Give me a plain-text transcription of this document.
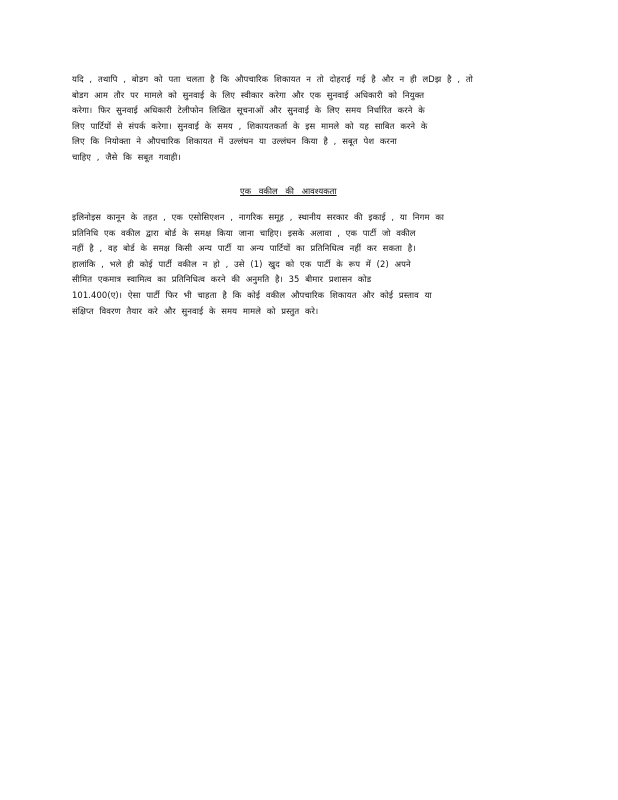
यदि , तथापि , बोडग को पता चलता है कि औपचारिक शिकायत न तो दोहराई गई है और न ही लDझ है , तो
बोडग आम तौर पर मामले को सुनवाई के लिए स्वीकार करेगा और एक सुनवाई अधिकारी को नियुक्त
करेगा। फिर सुनवाई अधिकारी टेलीफोन लिखित सूचनाओं और सुनवाई के लिए समय निर्धारित करने के
लिए पार्टियों से संपर्क करेगा। सुनवाई के समय , शिकायतकर्ता के इस मामले को यह साबित करने के
लिए कि नियोक्ता ने औपचारिक शिकायत में उल्लंघन या उल्लंघन किया है , सबूत पेश करना
चाहिए , जैसे कि सबूत गवाही।
एक वकील की आवश्यकता
इलिनोइस कानून के तहत , एक एसोसिएशन , नागरिक समूह , स्थानीय सरकार की इकाई , या निगम का
प्रतिनिधि एक वकील द्वारा बोर्ड के समक्ष किया जाना चाहिए। इसके अलावा , एक पार्टी जो वकील
नहीं है , वह बोर्ड के समक्ष किसी अन्य पार्टी या अन्य पार्टियों का प्रतिनिधित्व नहीं कर सकता है।
हालांकि , भले ही कोई पार्टी वकील न हो , उसे (1) खुद को एक पार्टी के रूप में (2) अपने
सीमित एकमात्र स्वामित्व का प्रतिनिधित्व करने की अनुमति है। 35 बीमार प्रशासन कोड
101.400(ए)। ऐसा पार्टी फिर भी चाहता है कि कोई वकील औपचारिक शिकायत और कोई प्रस्ताव या
संक्षिप्त विवरण तैयार करे और सुनवाई के समय मामले को प्रस्तुत करे।
